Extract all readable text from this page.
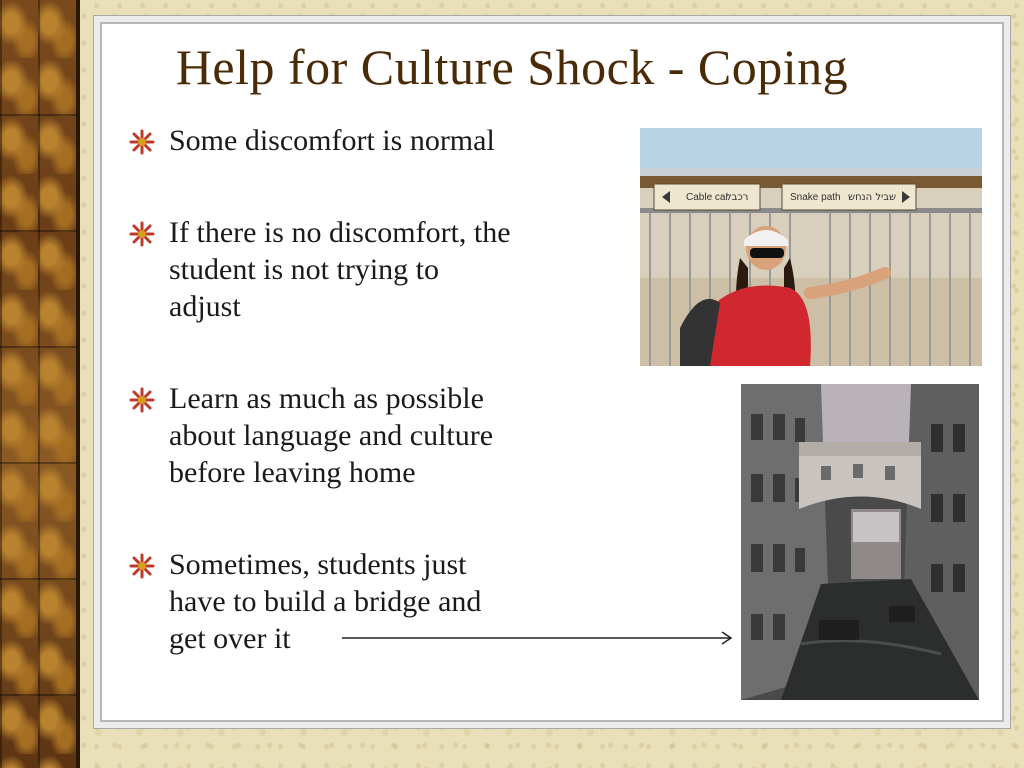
Help for Culture Shock - Coping
Some discomfort is normal
If there is no discomfort, the
student is not trying to
adjust
Learn as much as possible
about language and culture
before leaving home
Sometimes, students just
have to build a bridge and
get over it
Cable car
רכבל	Snake path שביל הנחש
